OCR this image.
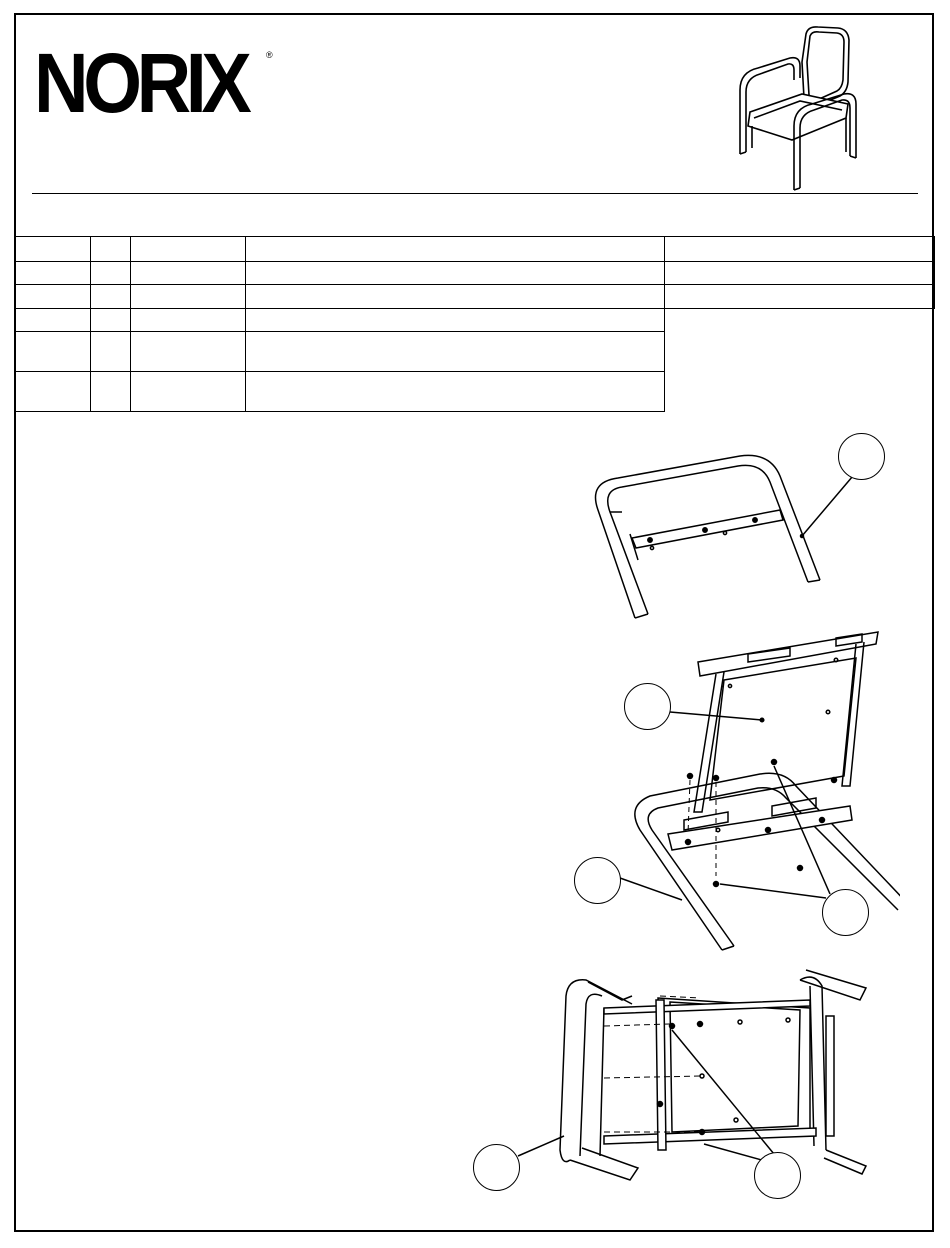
NORIX ®
